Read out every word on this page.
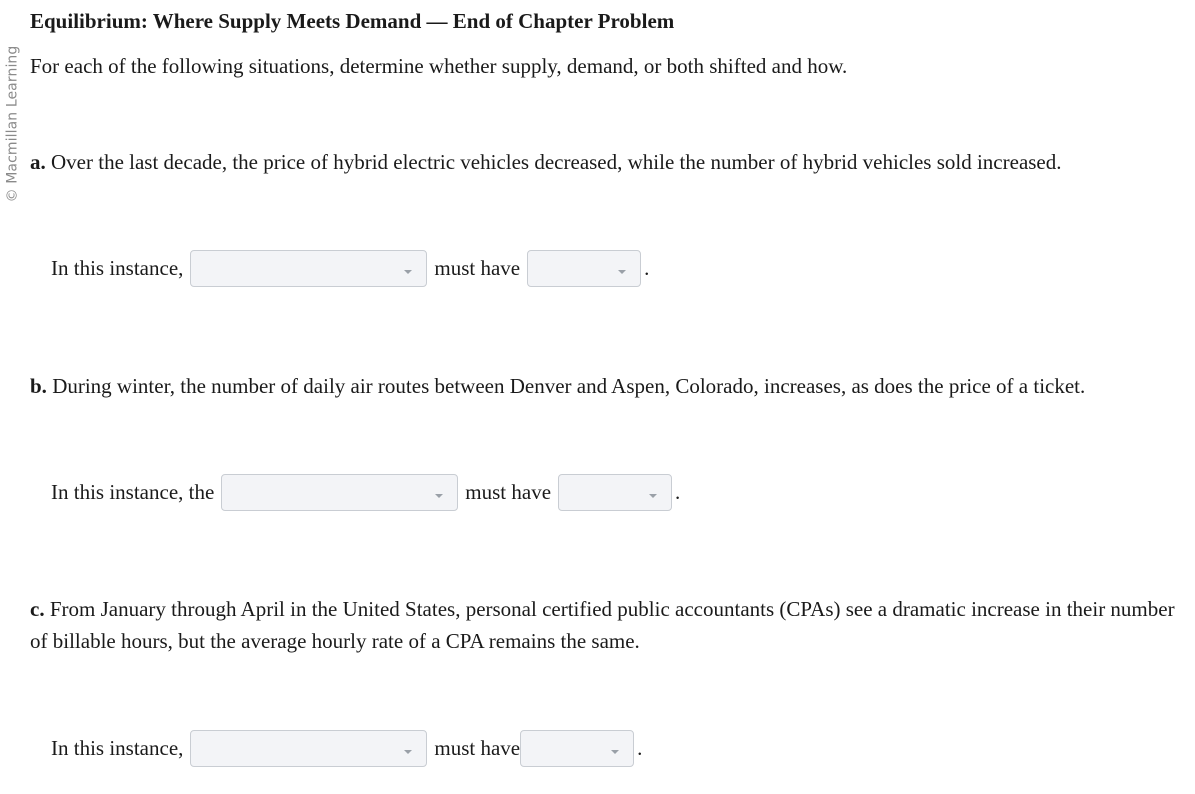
© Macmillan Learning
Equilibrium: Where Supply Meets Demand — End of Chapter Problem

For each of the following situations, determine whether supply, demand, or both shifted and how.

a. Over the last decade, the price of hybrid electric vehicles decreased, while the number of hybrid vehicles sold increased.

In this instance,	must have	.

b. During winter, the number of daily air routes between Denver and Aspen, Colorado, increases, as does the price of a ticket.

In this instance, the	must have	.

c. From January through April in the United States, personal certified public accountants (CPAs) see a dramatic increase in their number of billable hours, but the average hourly rate of a CPA remains the same.

In this instance,	must have	.
